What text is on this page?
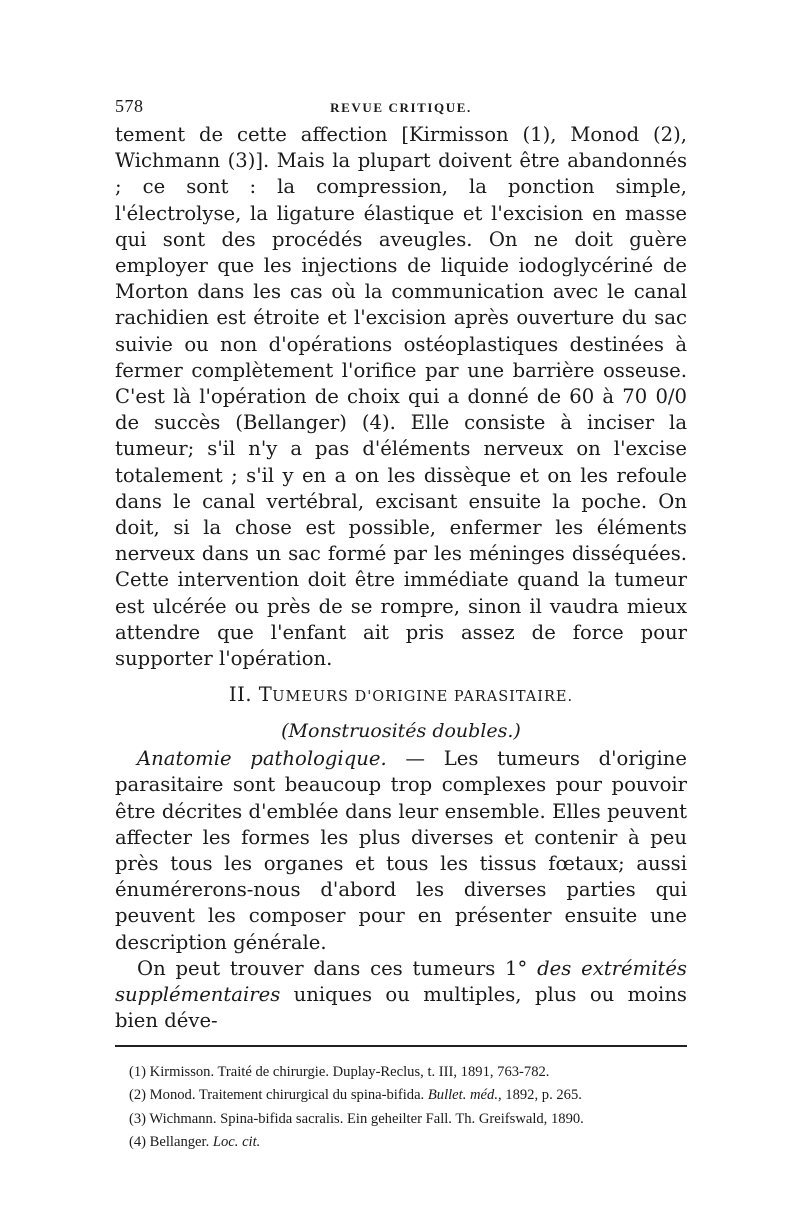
578	REVUE CRITIQUE.

tement de cette affection [Kirmisson (1), Monod (2), Wichmann (3)]. Mais la plupart doivent être abandonnés ; ce sont : la compression, la ponction simple, l'électrolyse, la ligature élastique et l'excision en masse qui sont des procédés aveugles. On ne doit guère employer que les injections de liquide iodoglycériné de Morton dans les cas où la communication avec le canal rachidien est étroite et l'excision après ouverture du sac suivie ou non d'opérations ostéoplastiques destinées à fermer complètement l'orifice par une barrière osseuse. C'est là l'opération de choix qui a donné de 60 à 70 0/0 de succès (Bellanger) (4). Elle consiste à inciser la tumeur; s'il n'y a pas d'éléments nerveux on l'excise totalement ; s'il y en a on les dissèque et on les refoule dans le canal vertébral, excisant ensuite la poche. On doit, si la chose est possible, enfermer les éléments nerveux dans un sac formé par les méninges disséquées. Cette intervention doit être immédiate quand la tumeur est ulcérée ou près de se rompre, sinon il vaudra mieux attendre que l'enfant ait pris assez de force pour supporter l'opération.

II. TUMEURS D'ORIGINE PARASITAIRE.
(Monstruosités doubles.)

Anatomie pathologique. — Les tumeurs d'origine parasitaire sont beaucoup trop complexes pour pouvoir être décrites d'emblée dans leur ensemble. Elles peuvent affecter les formes les plus diverses et contenir à peu près tous les organes et tous les tissus fœtaux; aussi énumérerons-nous d'abord les diverses parties qui peuvent les composer pour en présenter ensuite une description générale.

On peut trouver dans ces tumeurs 1° des extrémités supplémentaires uniques ou multiples, plus ou moins bien déve-

(1) Kirmisson. Traité de chirurgie. Duplay-Reclus, t. III, 1891, 763-782.

(2) Monod. Traitement chirurgical du spina-bifida. Bullet. méd., 1892, p. 265.

(3) Wichmann. Spina-bifida sacralis. Ein geheilter Fall. Th. Greifswald, 1890.

(4) Bellanger. Loc. cit.
